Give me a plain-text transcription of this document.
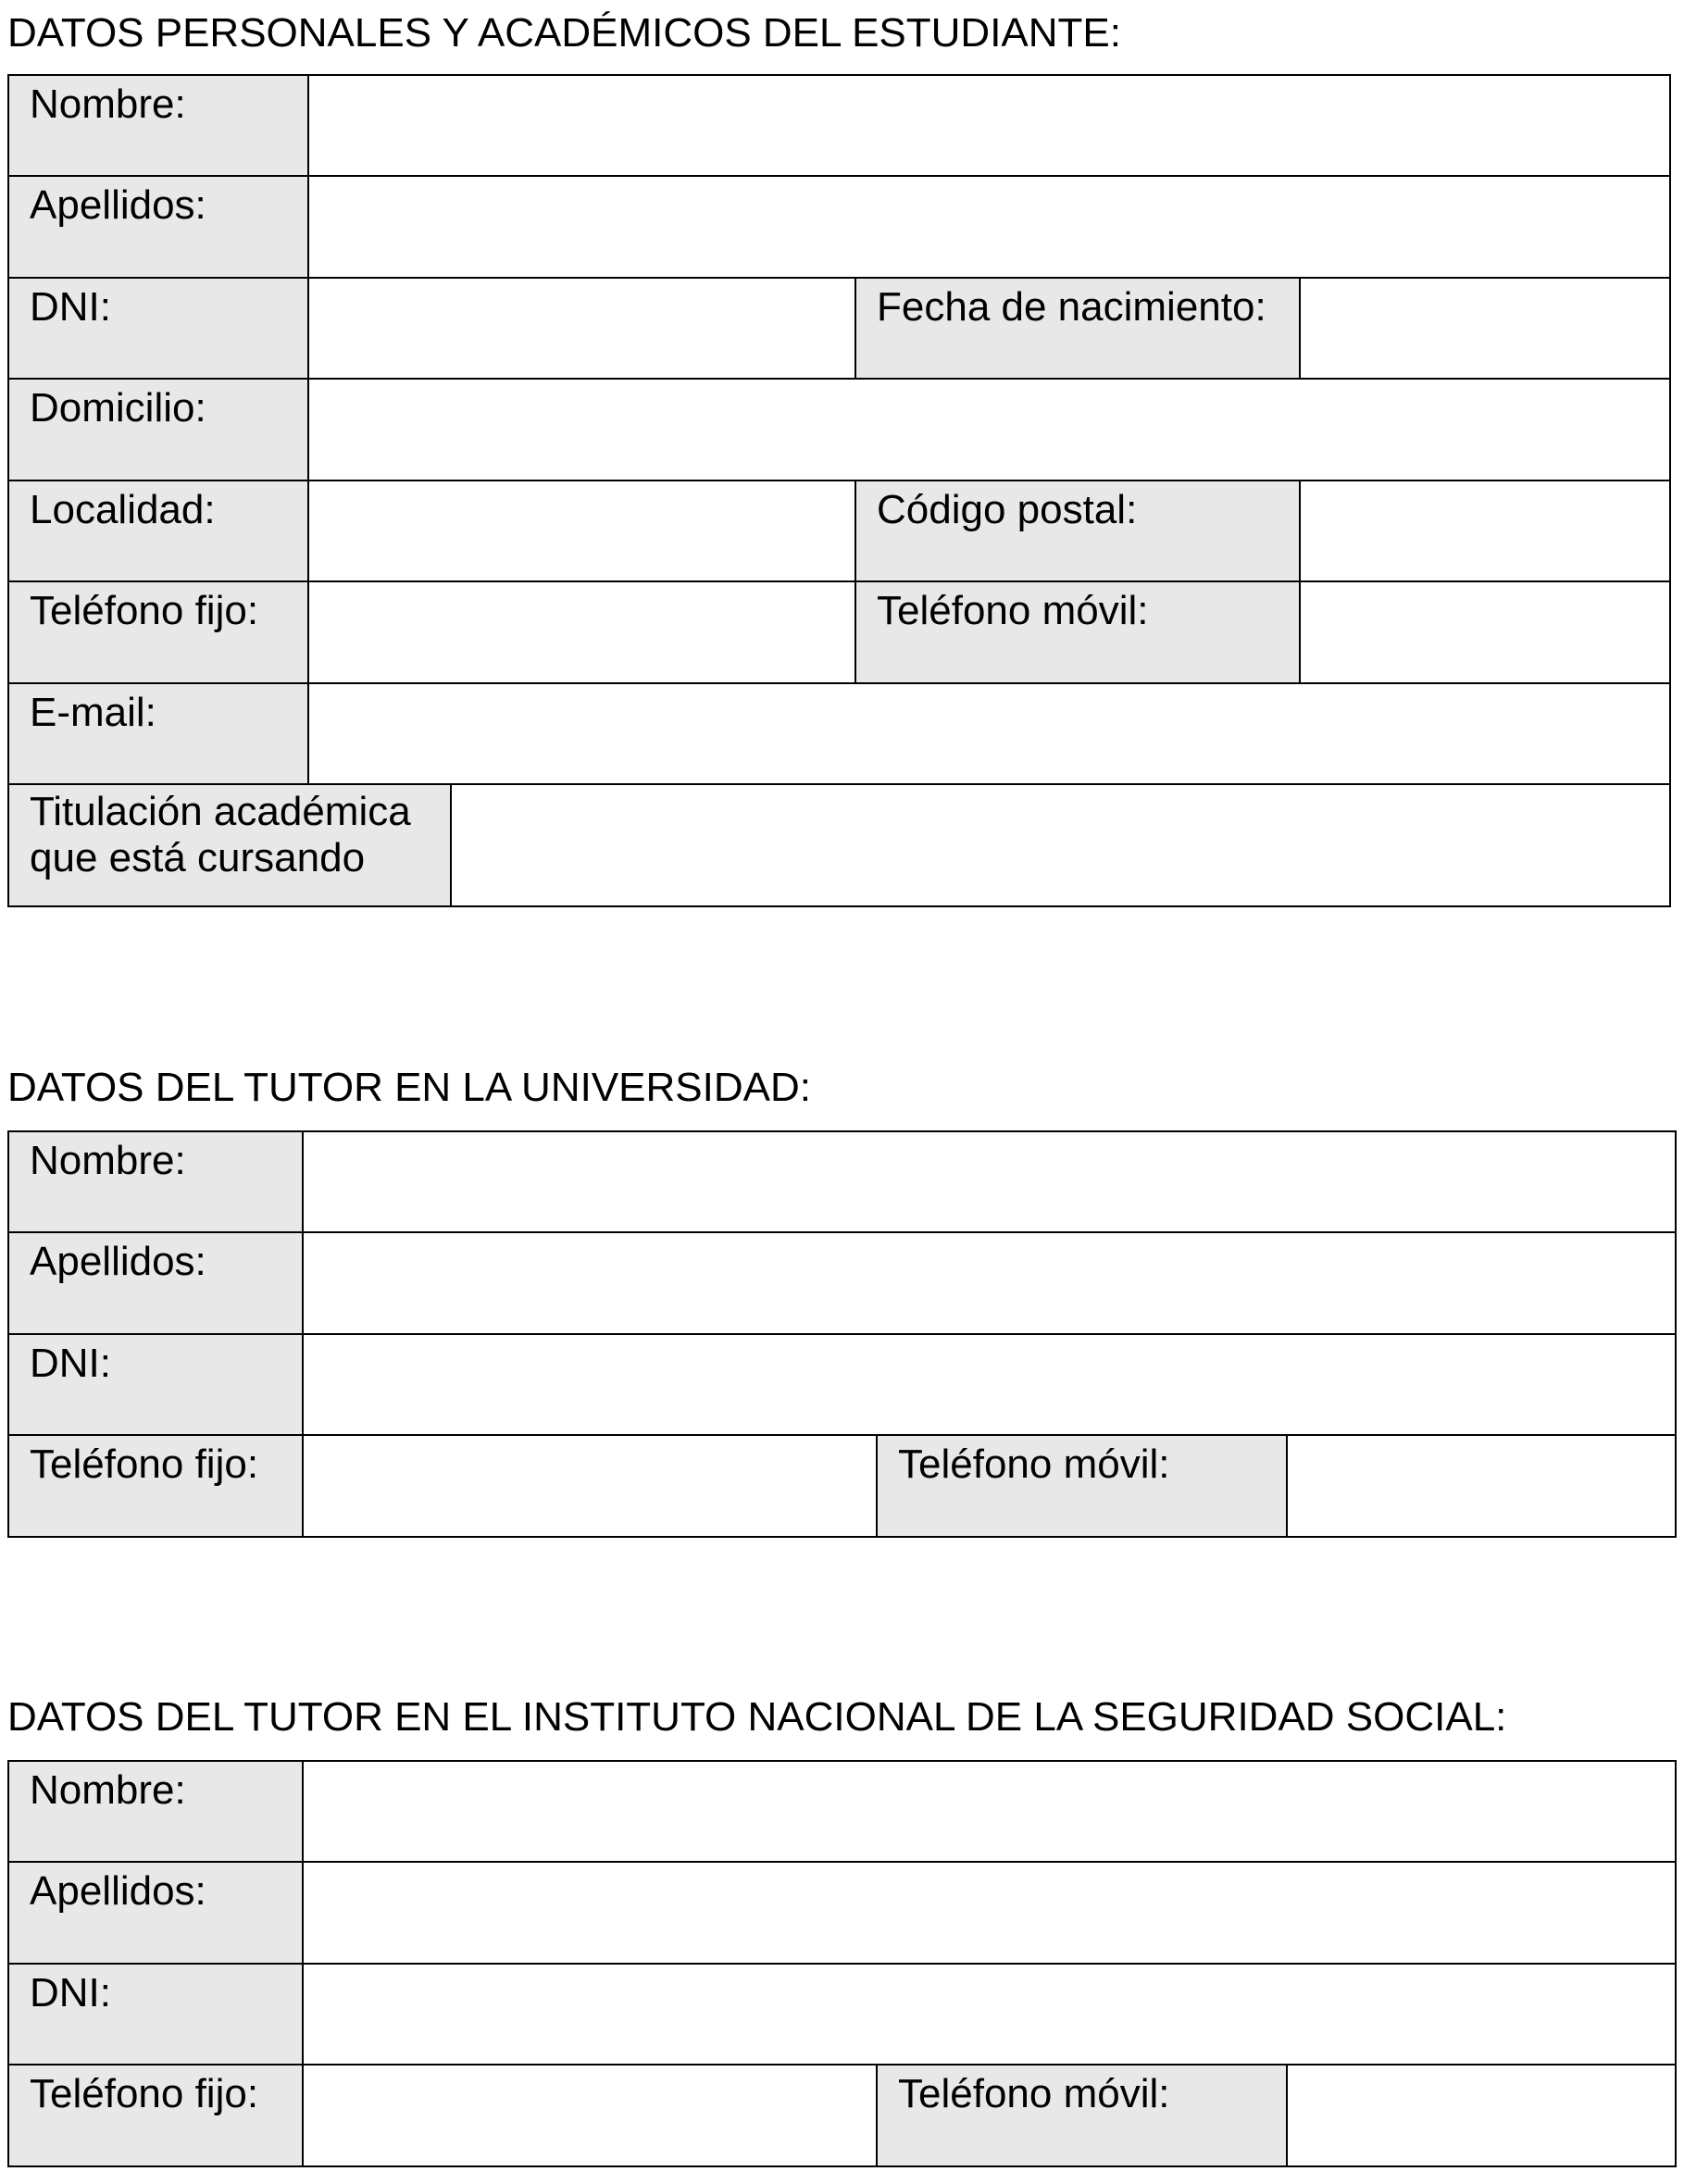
DATOS PERSONALES Y ACADÉMICOS DEL ESTUDIANTE:
Nombre:
Apellidos:
DNI:	Fecha de nacimiento:
Domicilio:
Localidad:	Código postal:
Teléfono fijo:	Teléfono móvil:
E-mail:
Titulación académica
que está cursando
DATOS DEL TUTOR EN LA UNIVERSIDAD:
Nombre:
Apellidos:
DNI:
Teléfono fijo:	Teléfono móvil:
DATOS DEL TUTOR EN EL INSTITUTO NACIONAL DE LA SEGURIDAD SOCIAL:
Nombre:
Apellidos:
DNI:
Teléfono fijo:	Teléfono móvil:
